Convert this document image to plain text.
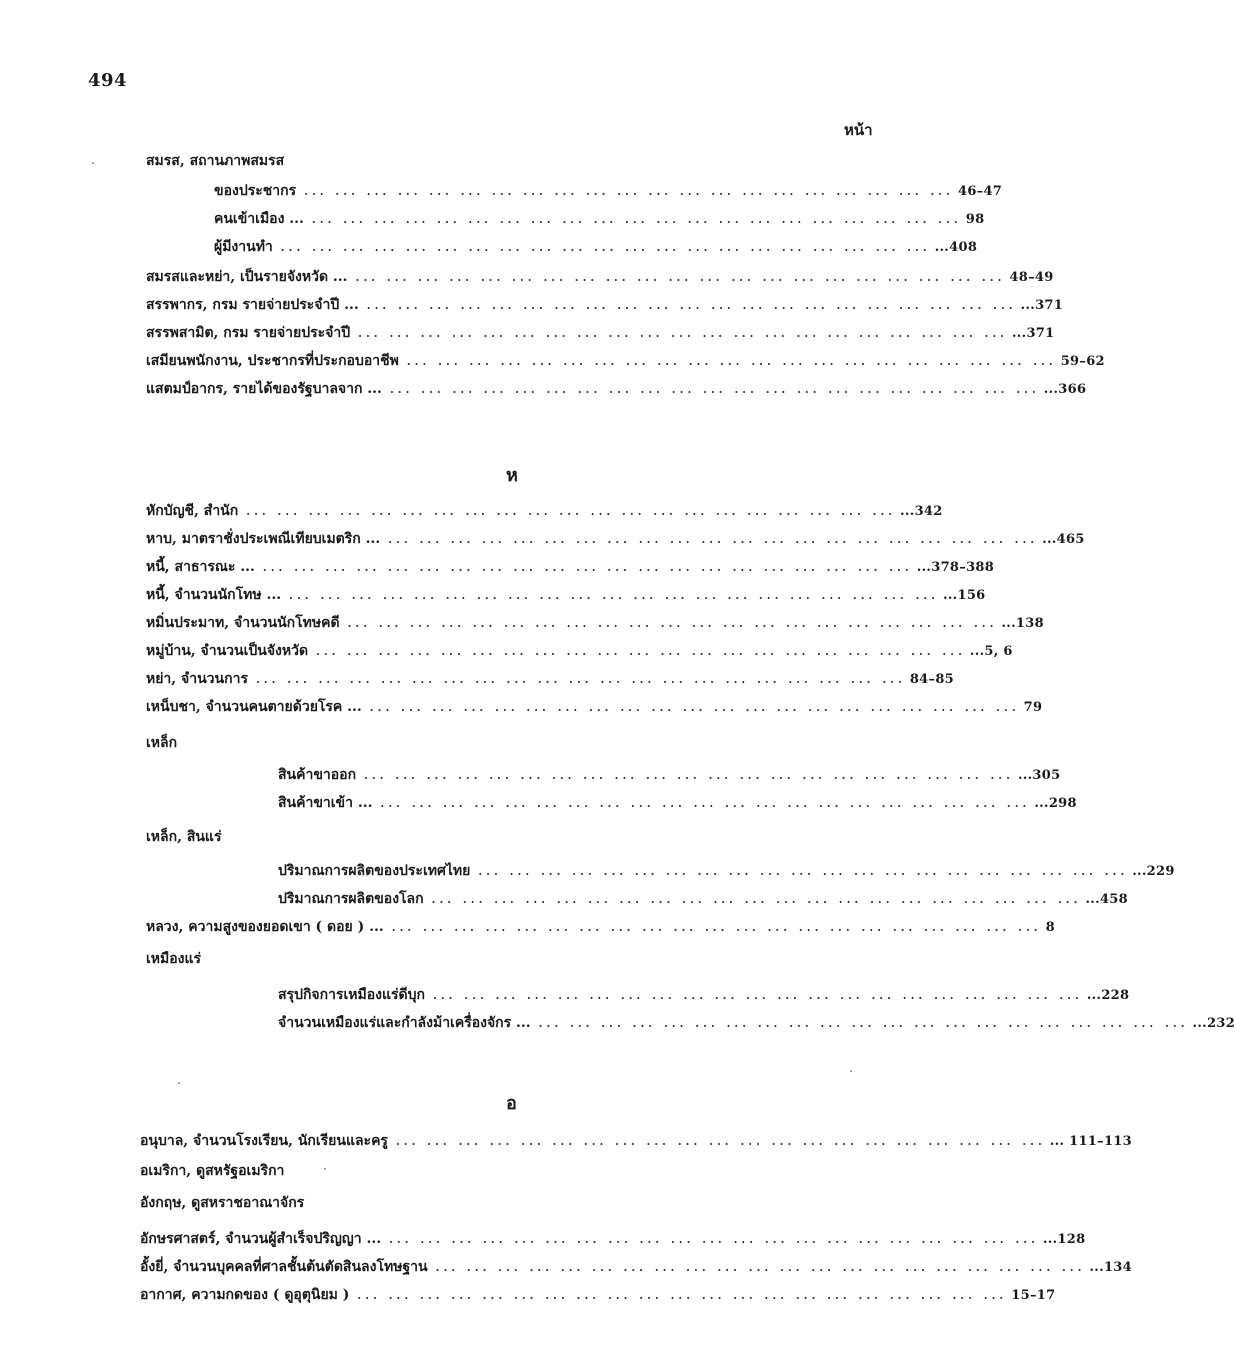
494
หน้า
สมรส, สถานภาพสมรส
ของประชากร ... ... ... ... ... ... ... ... ... ... ... ... ... ... ... ... ... ... ... ... ... 46–47
คนเข้าเมือง ... ... ... ... ... ... ... ... ... ... ... ... ... ... ... ... ... ... ... ... ... ... 98
ผู้มีงานทำ ... ... ... ... ... ... ... ... ... ... ... ... ... ... ... ... ... ... ... ... ... ...408
สมรสและหย่า, เป็นรายจังหวัด ... ... ... ... ... ... ... ... ... ... ... ... ... ... ... ... ... ... ... ... ... ... 48–49
สรรพากร, กรม รายจ่ายประจำปี ... ... ... ... ... ... ... ... ... ... ... ... ... ... ... ... ... ... ... ... ... ... ...371
สรรพสามิต, กรม รายจ่ายประจำปี ... ... ... ... ... ... ... ... ... ... ... ... ... ... ... ... ... ... ... ... ... ...371
เสมียนพนักงาน, ประชากรที่ประกอบอาชีพ ... ... ... ... ... ... ... ... ... ... ... ... ... ... ... ... ... ... ... ... ... 59–62
แสตมป์อากร, รายได้ของรัฐบาลจาก ... ... ... ... ... ... ... ... ... ... ... ... ... ... ... ... ... ... ... ... ... ... ...366
ห
หักบัญชี, สำนัก ... ... ... ... ... ... ... ... ... ... ... ... ... ... ... ... ... ... ... ... ... ...342
หาบ, มาตราชั่งประเพณีเทียบเมตริก ... ... ... ... ... ... ... ... ... ... ... ... ... ... ... ... ... ... ... ... ... ... ...465
หนี้, สาธารณะ ... ... ... ... ... ... ... ... ... ... ... ... ... ... ... ... ... ... ... ... ... ... ...378–388
หนี้, จำนวนนักโทษ ... ... ... ... ... ... ... ... ... ... ... ... ... ... ... ... ... ... ... ... ... ... ...156
หมิ่นประมาท, จำนวนนักโทษคดี ... ... ... ... ... ... ... ... ... ... ... ... ... ... ... ... ... ... ... ... ... ...138
หมู่บ้าน, จำนวนเป็นจังหวัด ... ... ... ... ... ... ... ... ... ... ... ... ... ... ... ... ... ... ... ... ... ...5, 6
หย่า, จำนวนการ ... ... ... ... ... ... ... ... ... ... ... ... ... ... ... ... ... ... ... ... ... 84–85
เหน็บชา, จำนวนคนตายด้วยโรค ... ... ... ... ... ... ... ... ... ... ... ... ... ... ... ... ... ... ... ... ... ... 79
เหล็ก
สินค้าขาออก ... ... ... ... ... ... ... ... ... ... ... ... ... ... ... ... ... ... ... ... ... ...305
สินค้าขาเข้า ... ... ... ... ... ... ... ... ... ... ... ... ... ... ... ... ... ... ... ... ... ... ...298
เหล็ก, สินแร่
ปริมาณการผลิตของประเทศไทย ... ... ... ... ... ... ... ... ... ... ... ... ... ... ... ... ... ... ... ... ... ...229
ปริมาณการผลิตของโลก ... ... ... ... ... ... ... ... ... ... ... ... ... ... ... ... ... ... ... ... ... ...458
หลวง, ความสูงของยอดเขา ( ดอย ) ... ... ... ... ... ... ... ... ... ... ... ... ... ... ... ... ... ... ... ... ... ... 8
เหมืองแร่
สรุปกิจการเหมืองแร่ดีบุก ... ... ... ... ... ... ... ... ... ... ... ... ... ... ... ... ... ... ... ... ... ...228
จำนวนเหมืองแร่และกำลังม้าเครื่องจักร ... ... ... ... ... ... ... ... ... ... ... ... ... ... ... ... ... ... ... ... ... ... ...232
อ
อนุบาล, จำนวนโรงเรียน, นักเรียนและครู ... ... ... ... ... ... ... ... ... ... ... ... ... ... ... ... ... ... ... ... ... ... 111–113
อเมริกา, ดูสหรัฐอเมริกา
อังกฤษ, ดูสหราชอาณาจักร
อักษรศาสตร์, จำนวนผู้สำเร็จปริญญา ... ... ... ... ... ... ... ... ... ... ... ... ... ... ... ... ... ... ... ... ... ... ...128
อั้งยี่, จำนวนบุคคลที่ศาลชั้นต้นตัดสินลงโทษฐาน ... ... ... ... ... ... ... ... ... ... ... ... ... ... ... ... ... ... ... ... ... ...134
อากาศ, ความกดของ ( ดูอุตุนิยม ) ... ... ... ... ... ... ... ... ... ... ... ... ... ... ... ... ... ... ... ... ... 15–17
